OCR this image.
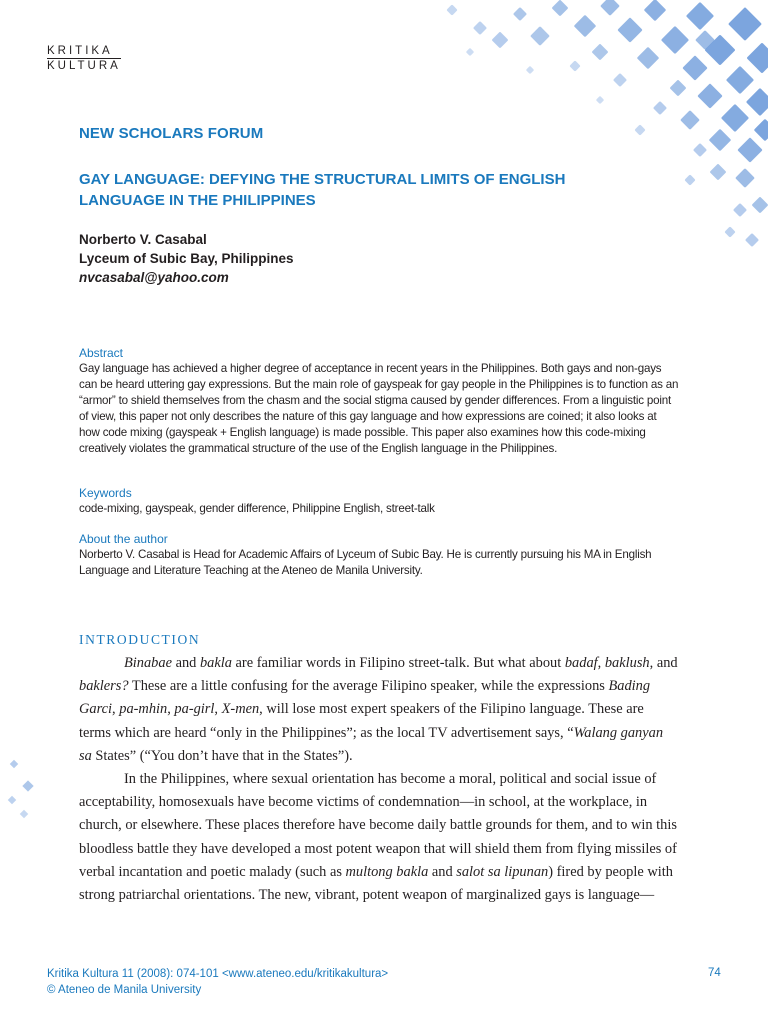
KRITIKA
KULTURA
NEW SCHOLARS FORUM
GAY LANGUAGE: DEFYING THE STRUCTURAL LIMITS OF ENGLISH LANGUAGE IN THE PHILIPPINES
Norberto V. Casabal
Lyceum of Subic Bay, Philippines
nvcasabal@yahoo.com
Abstract
Gay language has achieved a higher degree of acceptance in recent years in the Philippines. Both gays and non-gays can be heard uttering gay expressions. But the main role of gayspeak for gay people in the Philippines is to function as an “armor” to shield themselves from the chasm and the social stigma caused by gender differences. From a linguistic point of view, this paper not only describes the nature of this gay language and how expressions are coined; it also looks at how code mixing (gayspeak + English language) is made possible. This paper also examines how this code-mixing creatively violates the grammatical structure of the use of the English language in the Philippines.
Keywords
code-mixing, gayspeak, gender difference, Philippine English, street-talk
About the author
Norberto V. Casabal is Head for Academic Affairs of Lyceum of Subic Bay. He is currently pursuing his MA in English Language and Literature Teaching at the Ateneo de Manila University.
INTRODUCTION

Binabae and bakla are familiar words in Filipino street-talk. But what about badaf, baklush, and baklers? These are a little confusing for the average Filipino speaker, while the expressions Bading Garci, pa-mhin, pa-girl, X-men, will lose most expert speakers of the Filipino language. These are terms which are heard “only in the Philippines”; as the local TV advertisement says, “Walang ganyan sa States” (“You don’t have that in the States”).

In the Philippines, where sexual orientation has become a moral, political and social issue of acceptability, homosexuals have become victims of condemnation—in school, at the workplace, in church, or elsewhere. These places therefore have become daily battle grounds for them, and to win this bloodless battle they have developed a most potent weapon that will shield them from flying missiles of verbal incantation and poetic malady (such as multong bakla and salot sa lipunan) fired by people with strong patriarchal orientations. The new, vibrant, potent weapon of marginalized gays is language—

Kritika Kultura 11 (2008): 074-101 <www.ateneo.edu/kritikakultura>
© Ateneo de Manila University
74
